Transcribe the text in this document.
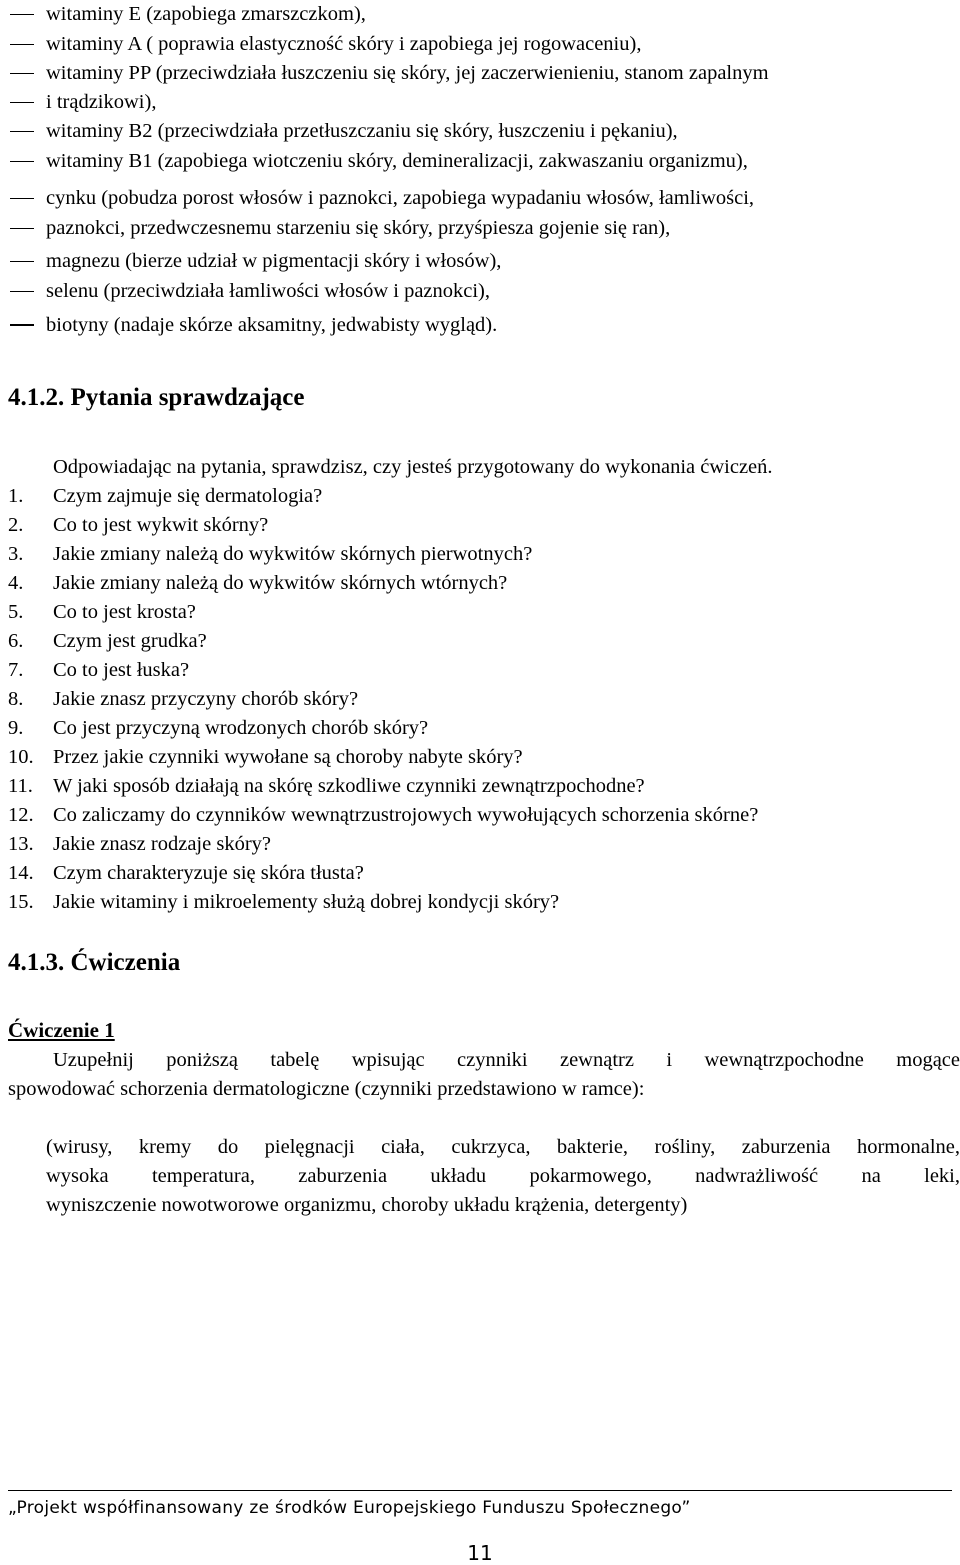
witaminy E (zapobiega zmarszczkom),
witaminy A ( poprawia elastyczność skóry i zapobiega jej rogowaceniu),
witaminy PP (przeciwdziała łuszczeniu się skóry, jej zaczerwienieniu, stanom zapalnym
i trądzikowi),
witaminy B2 (przeciwdziała przetłuszczaniu się skóry, łuszczeniu i pękaniu),
witaminy B1 (zapobiega wiotczeniu skóry, demineralizacji, zakwaszaniu organizmu),
cynku (pobudza porost włosów i paznokci, zapobiega wypadaniu włosów, łamliwości,
paznokci, przedwczesnemu starzeniu się skóry, przyśpiesza gojenie się ran),
magnezu (bierze udział w pigmentacji skóry i włosów),
selenu (przeciwdziała łamliwości włosów i paznokci),
biotyny (nadaje skórze aksamitny, jedwabisty wygląd).
4.1.2. Pytania sprawdzające
Odpowiadając na pytania, sprawdzisz, czy jesteś przygotowany do wykonania ćwiczeń.
1. Czym zajmuje się dermatologia?
2. Co to jest wykwit skórny?
3. Jakie zmiany należą do wykwitów skórnych pierwotnych?
4. Jakie zmiany należą do wykwitów skórnych wtórnych?
5. Co to jest krosta?
6. Czym jest grudka?
7. Co to jest łuska?
8. Jakie znasz przyczyny chorób skóry?
9. Co jest przyczyną wrodzonych chorób skóry?
10. Przez jakie czynniki wywołane są choroby nabyte skóry?
11. W jaki sposób działają na skórę szkodliwe czynniki zewnątrzpochodne?
12. Co zaliczamy do czynników wewnątrzustrojowych wywołujących schorzenia skórne?
13. Jakie znasz rodzaje skóry?
14. Czym charakteryzuje się skóra tłusta?
15. Jakie witaminy i mikroelementy służą dobrej kondycji skóry?
4.1.3. Ćwiczenia
Ćwiczenie 1
Uzupełnij poniższą tabelę wpisując czynniki zewnątrz i wewnątrzpochodne mogące
spowodować schorzenia dermatologiczne (czynniki przedstawiono w ramce):
(wirusy, kremy do pielęgnacji ciała, cukrzyca, bakterie, rośliny, zaburzenia hormonalne,
wysoka temperatura, zaburzenia układu pokarmowego, nadwrażliwość na leki,
wyniszczenie nowotworowe organizmu, choroby układu krążenia, detergenty)
„Projekt współfinansowany ze środków Europejskiego Funduszu Społecznego”
11
